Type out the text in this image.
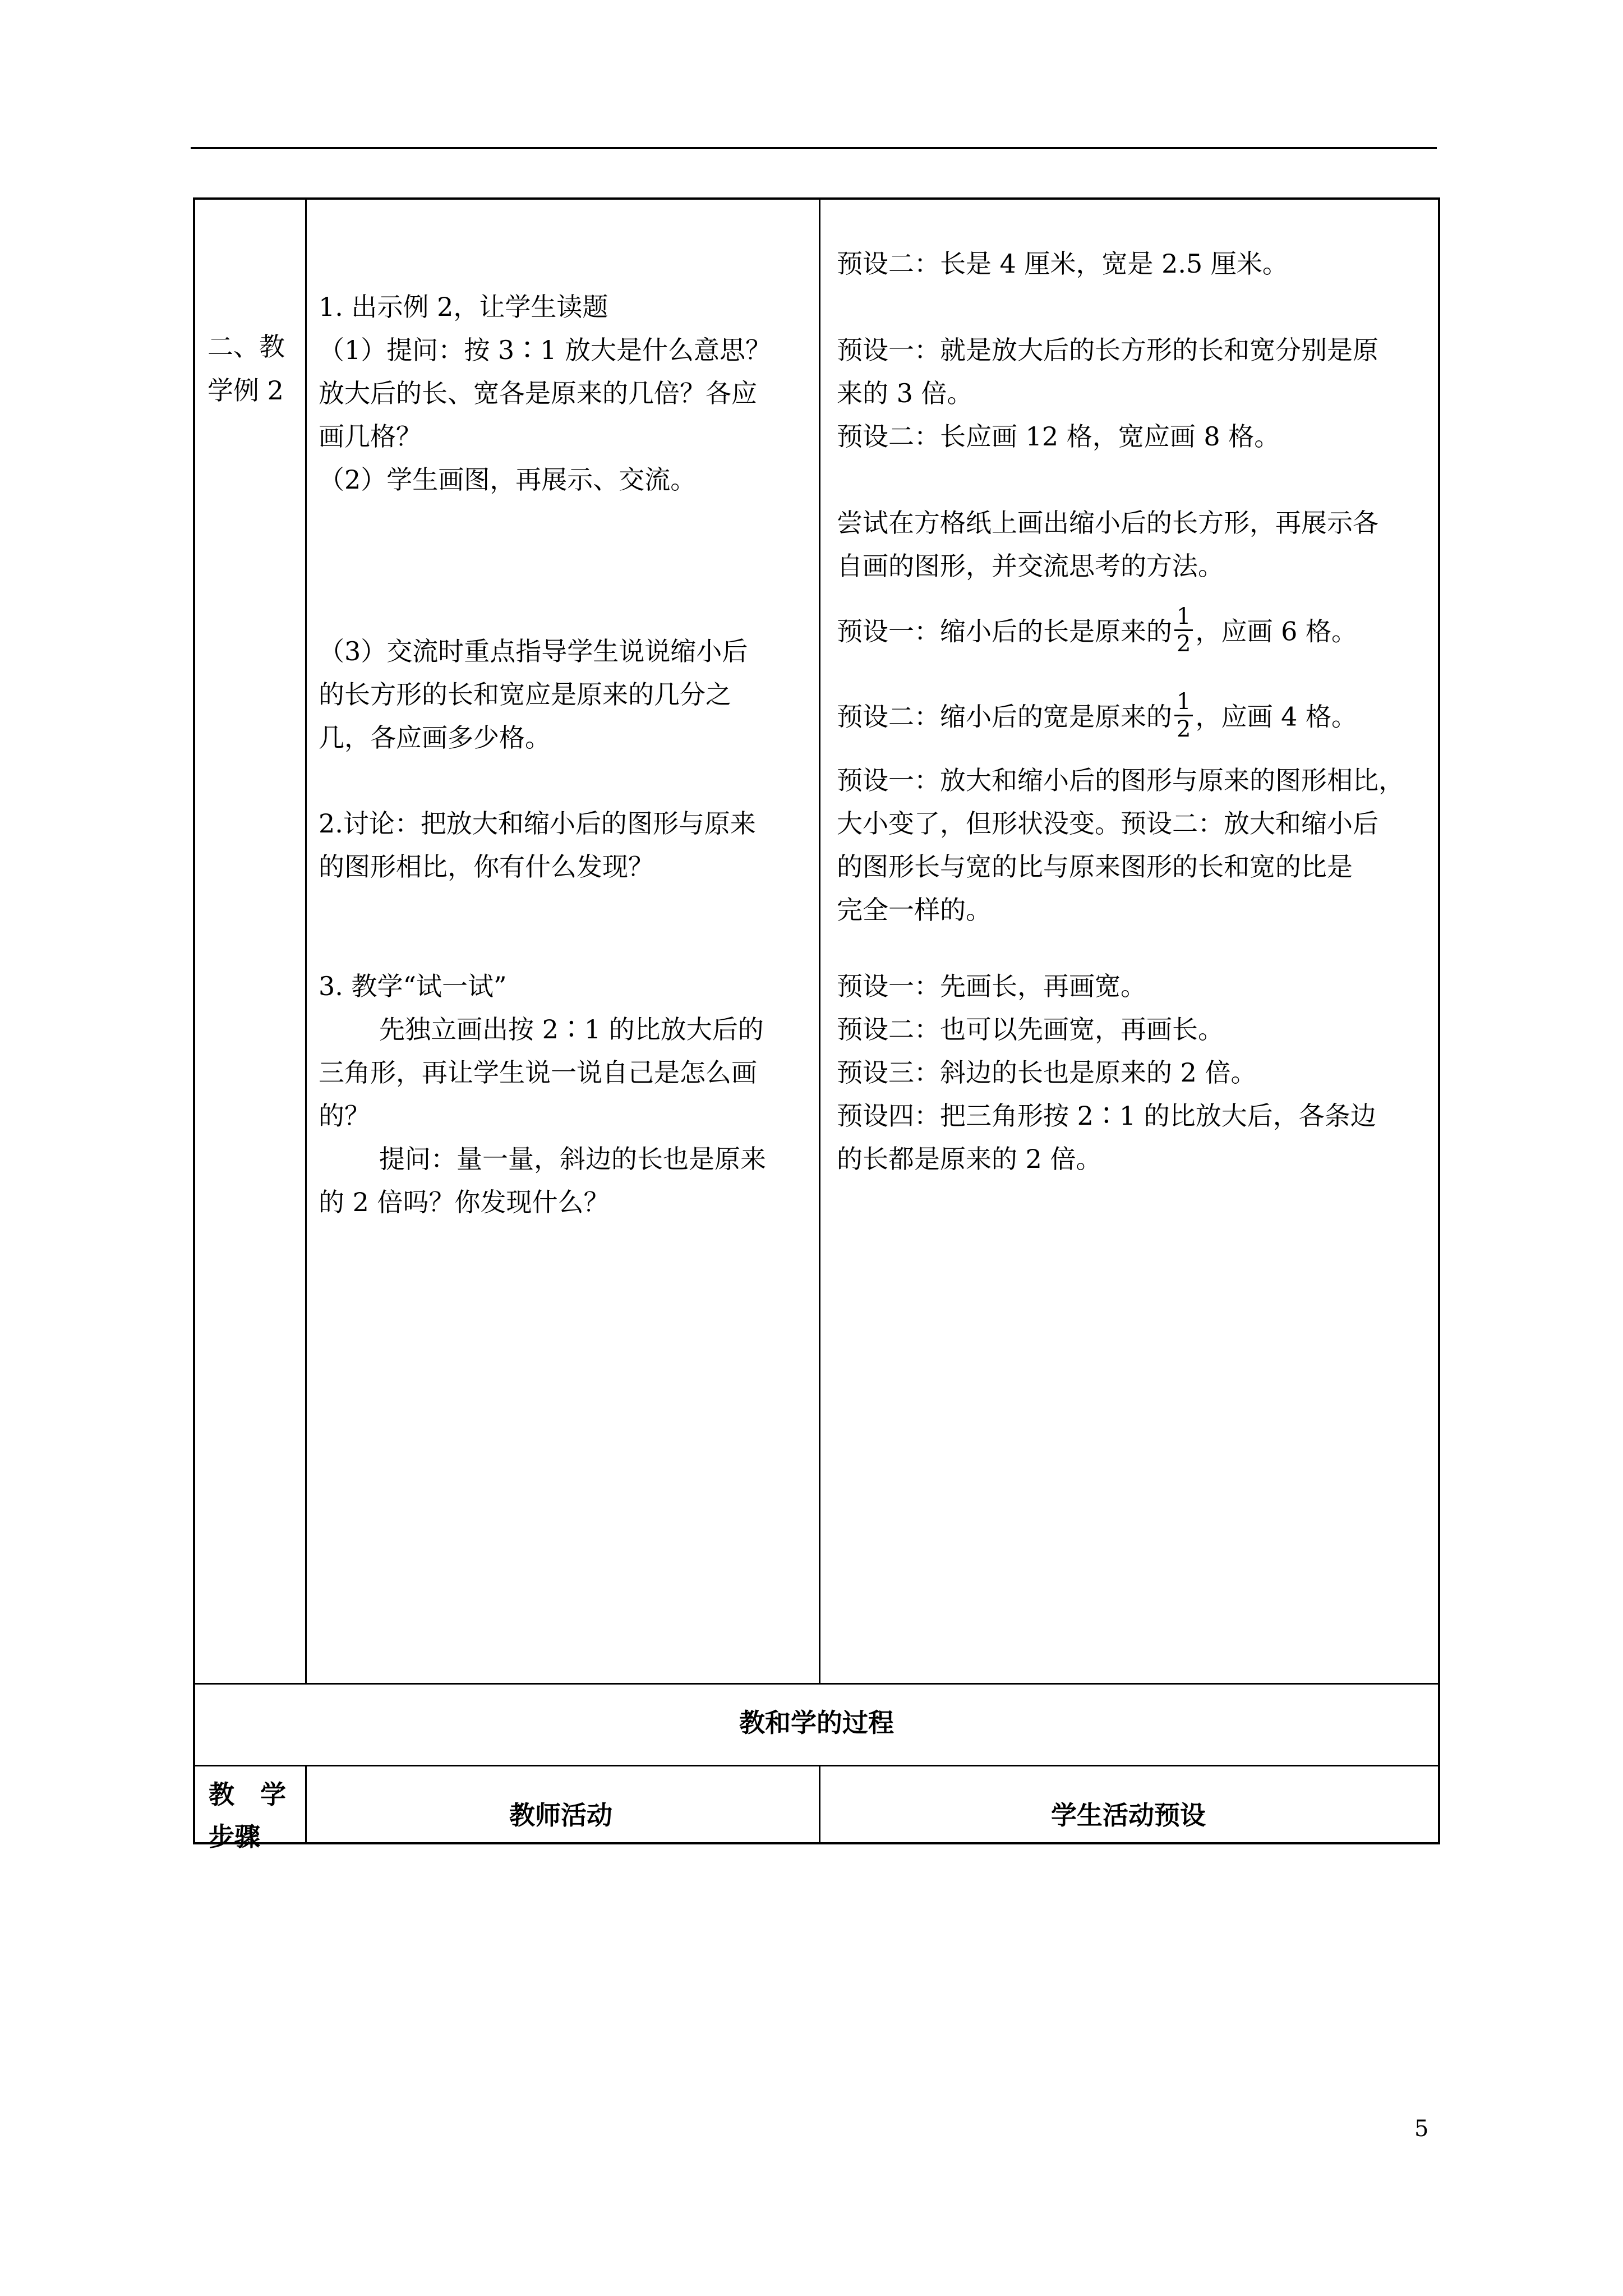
二、教
学例 2
1. 出示例 2，让学生读题
（1）提问：按 3∶1 放大是什么意思？
放大后的长、宽各是原来的几倍？各应
画几格？
（2）学生画图，再展示、交流。
（3）交流时重点指导学生说说缩小后
的长方形的长和宽应是原来的几分之
几，各应画多少格。
2.讨论：把放大和缩小后的图形与原来
的图形相比，你有什么发现？
3. 教学“试一试”
先独立画出按 2∶1 的比放大后的
三角形，再让学生说一说自己是怎么画
的？
提问：量一量，斜边的长也是原来
的 2 倍吗？你发现什么？
预设二：长是 4 厘米，宽是 2.5 厘米。
预设一：就是放大后的长方形的长和宽分别是原
来的 3 倍。
预设二：长应画 12 格，宽应画 8 格。
尝试在方格纸上画出缩小后的长方形，再展示各
自画的图形，并交流思考的方法。
预设一：缩小后的长是原来的 $\frac{1}{2}$ ，应画 6 格。
预设二：缩小后的宽是原来的 $\frac{1}{2}$ ，应画 4 格。
预设一：放大和缩小后的图形与原来的图形相比，
大小变了，但形状没变。预设二：放大和缩小后
的图形长与宽的比与原来图形的长和宽的比是
完全一样的。
预设一：先画长，再画宽。
预设二：也可以先画宽，再画长。
预设三：斜边的长也是原来的 2 倍。
预设四：把三角形按 2∶1 的比放大后，各条边
的长都是原来的 2 倍。
教和学的过程
教　学
步骤
教师活动	学生活动预设
5
